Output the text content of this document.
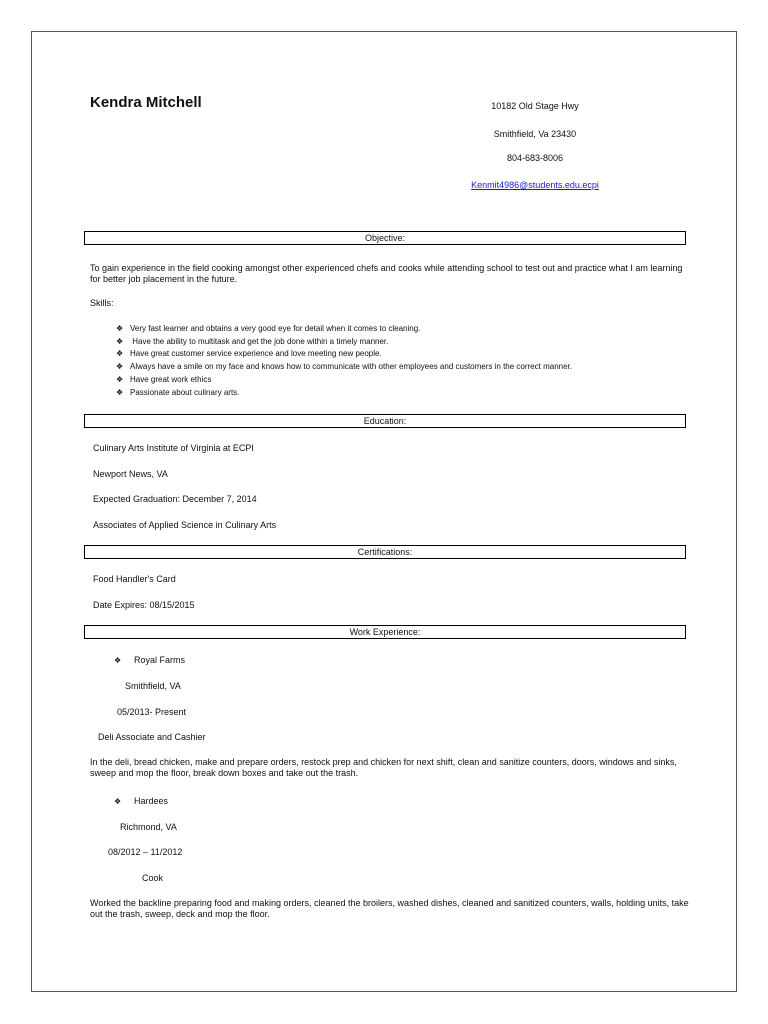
Kendra Mitchell	10182 Old Stage Hwy
Smithfield, Va 23430
804-683-8006
Kenmit4986@students.edu.ecpi
Objective:
To gain experience in the field cooking amongst other experienced chefs and cooks while attending school to test out and practice what I am learning for better job placement in the future.
Skills:
❖ Very fast learner and obtains a very good eye for detail when it comes to cleaning.
❖ Have the ability to multitask and get the job done within a timely manner.
❖ Have great customer service experience and love meeting new people.
❖ Always have a smile on my face and knows how to communicate with other employees and customers in the correct manner.
❖ Have great work ethics
❖ Passionate about culinary arts.
Education:
Culinary Arts Institute of Virginia at ECPI
Newport News, VA
Expected Graduation: December 7, 2014
Associates of Applied Science in Culinary Arts
Certifications:
Food Handler's Card
Date Expires: 08/15/2015
Work Experience:
❖ Royal Farms
Smithfield, VA
05/2013- Present
Deli Associate and Cashier
In the deli, bread chicken, make and prepare orders, restock prep and chicken for next shift, clean and sanitize counters, doors, windows and sinks, sweep and mop the floor, break down boxes and take out the trash.
❖ Hardees
Richmond, VA
08/2012 – 11/2012
Cook
Worked the backline preparing food and making orders, cleaned the broilers, washed dishes, cleaned and sanitized counters, walls, holding units, take out the trash, sweep, deck and mop the floor.
